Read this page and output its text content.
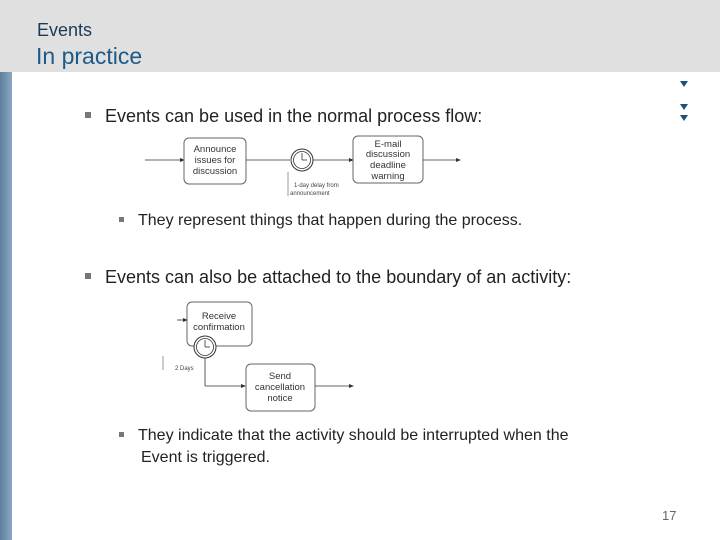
Events
In practice
Events can be used in the normal process flow:
Announce
issues for
discussion
1-day delay from
announcement
E-mail
discussion
deadline
warning
They represent things that happen during the process.
Events can also be attached to the boundary of an activity:
Receive
confirmation
2 Days
Send
cancellation
notice
They indicate that the activity should be interrupted when the
Event is triggered.
17
